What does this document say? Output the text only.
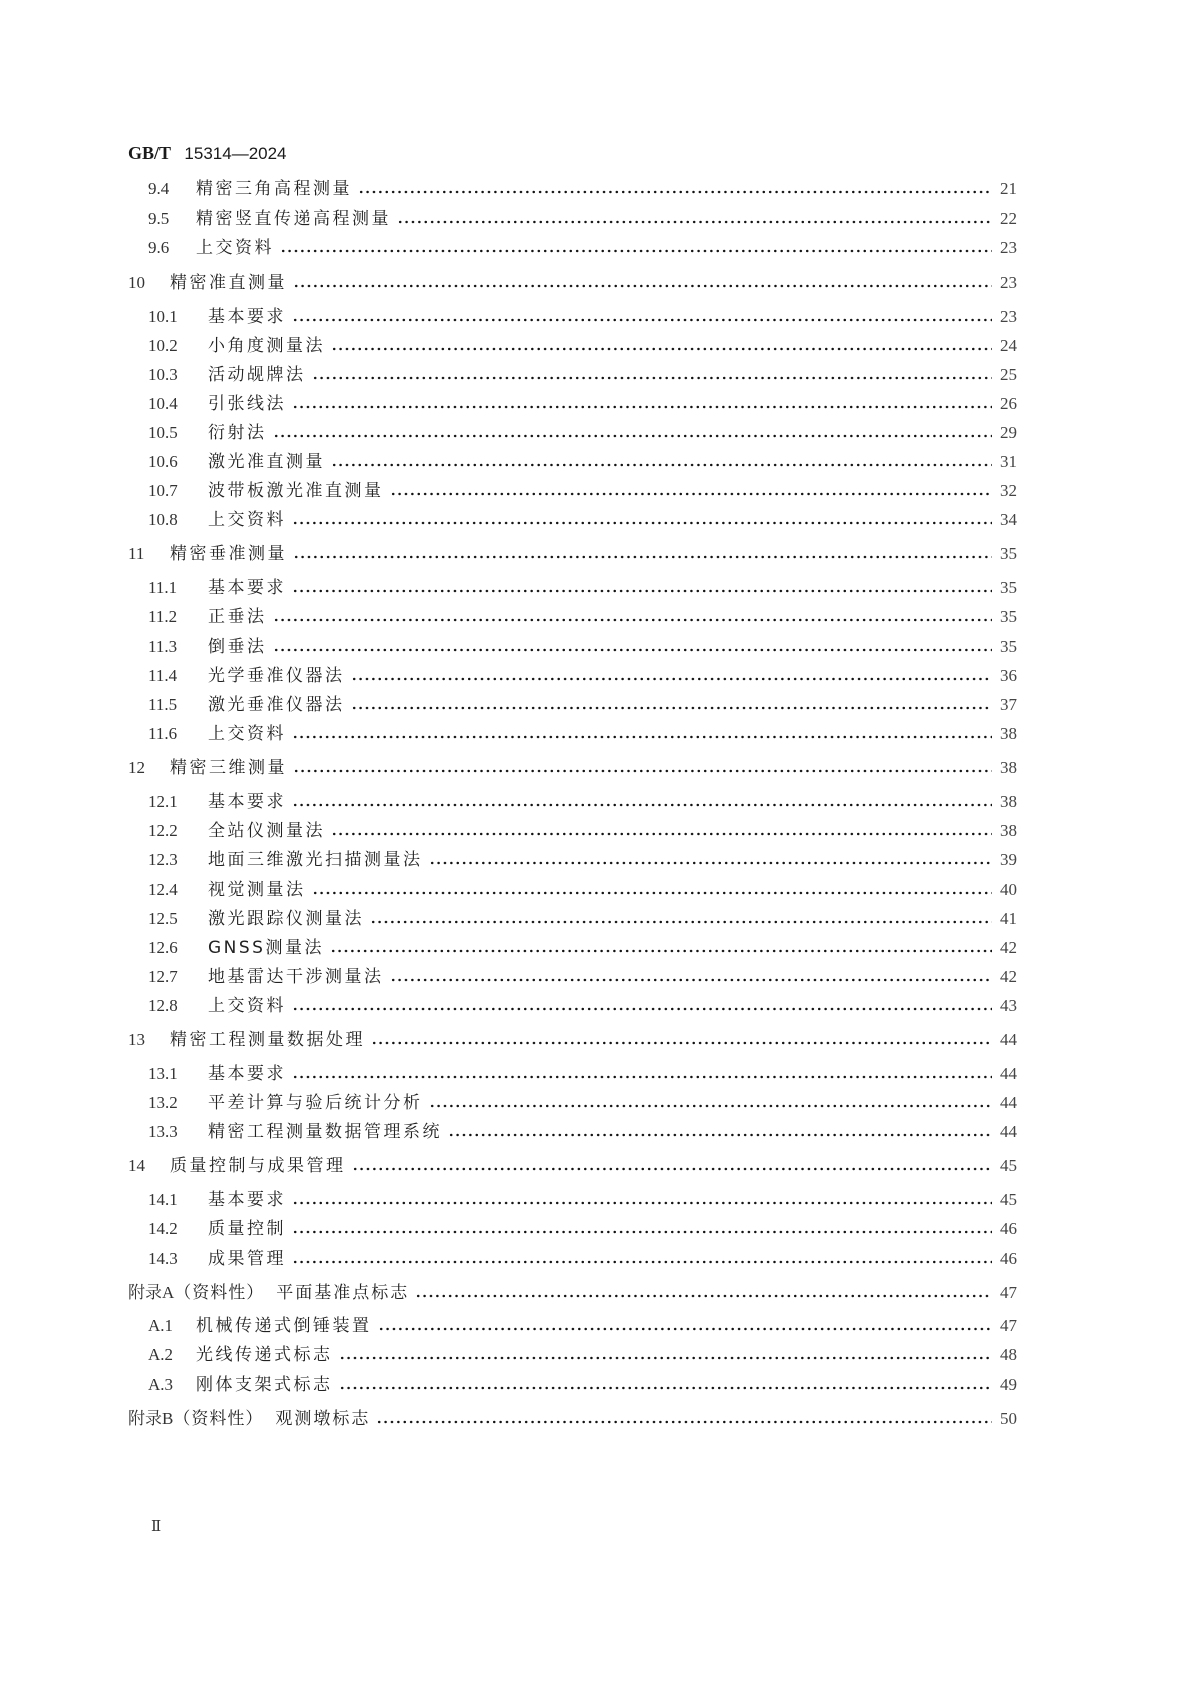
GB/T 15314—2024
9.4	精密三角高程测量	21
9.5	精密竖直传递高程测量	22
9.6	上交资料	23
10	精密准直测量	23
10.1	基本要求	23
10.2	小角度测量法	24
10.3	活动觇牌法	25
10.4	引张线法	26
10.5	衍射法	29
10.6	激光准直测量	31
10.7	波带板激光准直测量	32
10.8	上交资料	34
11	精密垂准测量	35
11.1	基本要求	35
11.2	正垂法	35
11.3	倒垂法	35
11.4	光学垂准仪器法	36
11.5	激光垂准仪器法	37
11.6	上交资料	38
12	精密三维测量	38
12.1	基本要求	38
12.2	全站仪测量法	38
12.3	地面三维激光扫描测量法	39
12.4	视觉测量法	40
12.5	激光跟踪仪测量法	41
12.6	GNSS测量法	42
12.7	地基雷达干涉测量法	42
12.8	上交资料	43
13	精密工程测量数据处理	44
13.1	基本要求	44
13.2	平差计算与验后统计分析	44
13.3	精密工程测量数据管理系统	44
14	质量控制与成果管理	45
14.1	基本要求	45
14.2	质量控制	46
14.3	成果管理	46
附录A （资料性） 平面基准点标志	47
A.1	机械传递式倒锤装置	47
A.2	光线传递式标志	48
A.3	刚体支架式标志	49
附录B （资料性） 观测墩标志	50
Ⅱ
